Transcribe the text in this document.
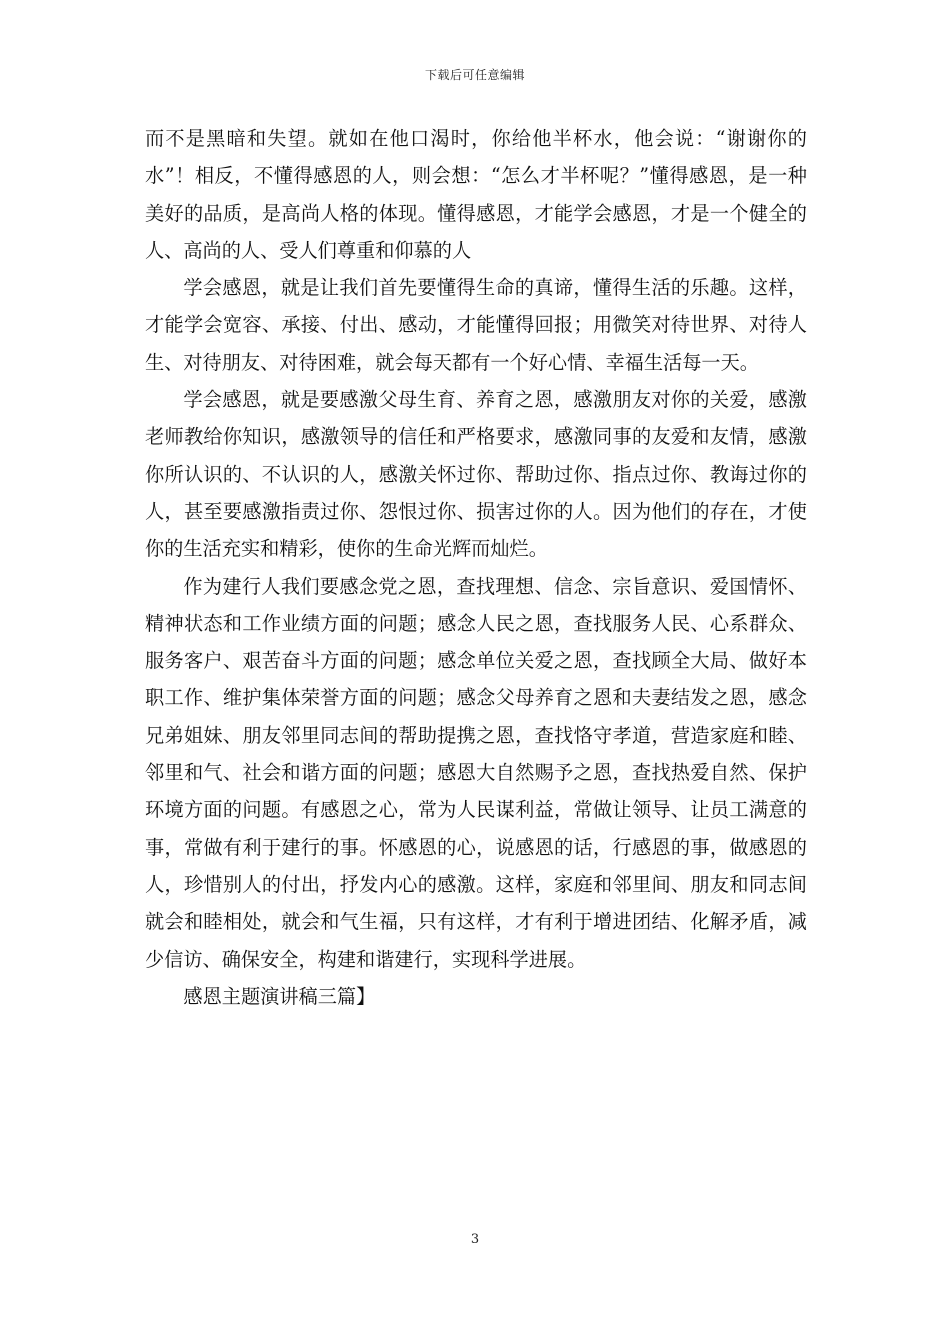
下载后可任意编辑

而不是黑暗和失望。就如在他口渴时，你给他半杯水，他会说：“谢谢你的水”！相反，不懂得感恩的人，则会想：“怎么才半杯呢？”懂得感恩，是一种美好的品质，是高尚人格的体现。懂得感恩，才能学会感恩，才是一个健全的人、高尚的人、受人们尊重和仰慕的人

学会感恩，就是让我们首先要懂得生命的真谛，懂得生活的乐趣。这样，才能学会宽容、承接、付出、感动，才能懂得回报；用微笑对待世界、对待人生、对待朋友、对待困难，就会每天都有一个好心情、幸福生活每一天。

学会感恩，就是要感激父母生育、养育之恩，感激朋友对你的关爱，感激老师教给你知识，感激领导的信任和严格要求，感激同事的友爱和友情，感激你所认识的、不认识的人，感激关怀过你、帮助过你、指点过你、教诲过你的人，甚至要感激指责过你、怨恨过你、损害过你的人。因为他们的存在，才使你的生活充实和精彩，使你的生命光辉而灿烂。

作为建行人我们要感念党之恩，查找理想、信念、宗旨意识、爱国情怀、精神状态和工作业绩方面的问题；感念人民之恩，查找服务人民、心系群众、服务客户、艰苦奋斗方面的问题；感念单位关爱之恩，查找顾全大局、做好本职工作、维护集体荣誉方面的问题；感念父母养育之恩和夫妻结发之恩，感念兄弟姐妹、朋友邻里同志间的帮助提携之恩，查找恪守孝道，营造家庭和睦、邻里和气、社会和谐方面的问题；感恩大自然赐予之恩，查找热爱自然、保护环境方面的问题。有感恩之心，常为人民谋利益，常做让领导、让员工满意的事，常做有利于建行的事。怀感恩的心，说感恩的话，行感恩的事，做感恩的人，珍惜别人的付出，抒发内心的感激。这样，家庭和邻里间、朋友和同志间就会和睦相处，就会和气生福，只有这样，才有利于增进团结、化解矛盾，减少信访、确保安全，构建和谐建行，实现科学进展。

感恩主题演讲稿三篇】

3
